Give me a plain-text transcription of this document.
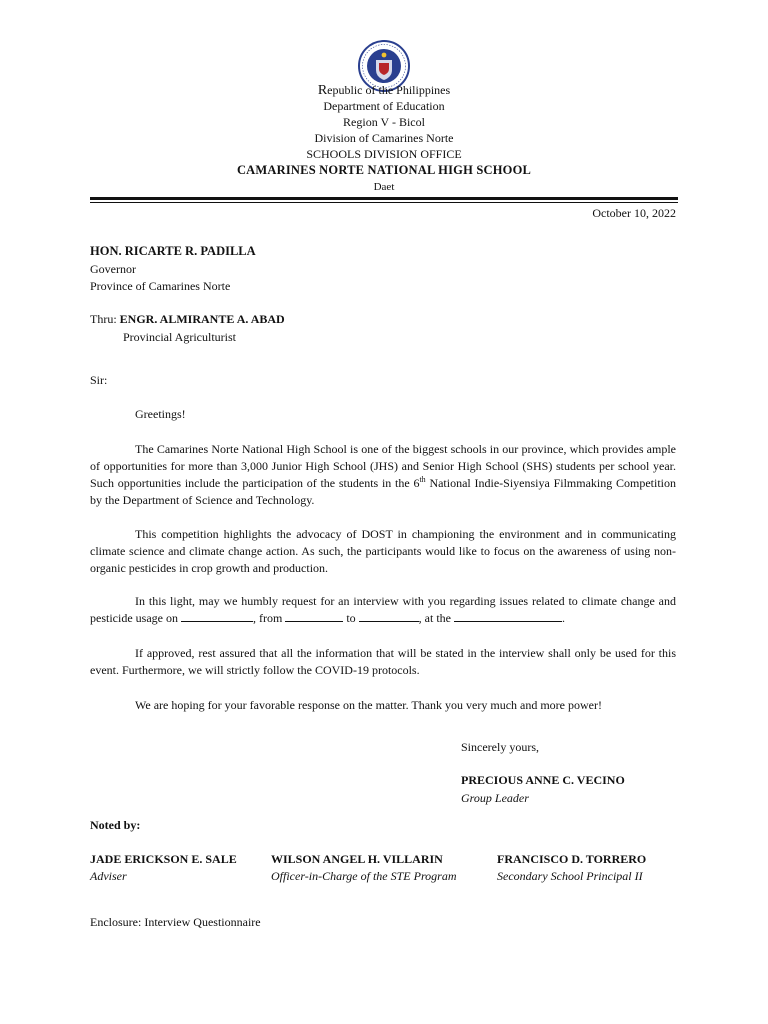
Republic of the Philippines
Department of Education
Region V - Bicol
Division of Camarines Norte
SCHOOLS DIVISION OFFICE
CAMARINES NORTE NATIONAL HIGH SCHOOL
Daet
October 10, 2022
HON. RICARTE R. PADILLA
Governor
Province of Camarines Norte
Thru: ENGR. ALMIRANTE A. ABAD
Provincial Agriculturist
Sir:
Greetings!
The Camarines Norte National High School is one of the biggest schools in our province, which provides ample of opportunities for more than 3,000 Junior High School (JHS) and Senior High School (SHS) students per school year. Such opportunities include the participation of the students in the 6th National Indie-Siyensiya Filmmaking Competition by the Department of Science and Technology.
This competition highlights the advocacy of DOST in championing the environment and in communicating climate science and climate change action. As such, the participants would like to focus on the awareness of using non-organic pesticides in crop growth and production.
In this light, may we humbly request for an interview with you regarding issues related to climate change and pesticide usage on	, from	to	, at the	.
If approved, rest assured that all the information that will be stated in the interview shall only be used for this event. Furthermore, we will strictly follow the COVID-19 protocols.
We are hoping for your favorable response on the matter. Thank you very much and more power!
Sincerely yours,
PRECIOUS ANNE C. VECINO
Group Leader
Noted by:
JADE ERICKSON E. SALE
Adviser
WILSON ANGEL H. VILLARIN
Officer-in-Charge of the STE Program
FRANCISCO D. TORRERO
Secondary School Principal II
Enclosure: Interview Questionnaire
